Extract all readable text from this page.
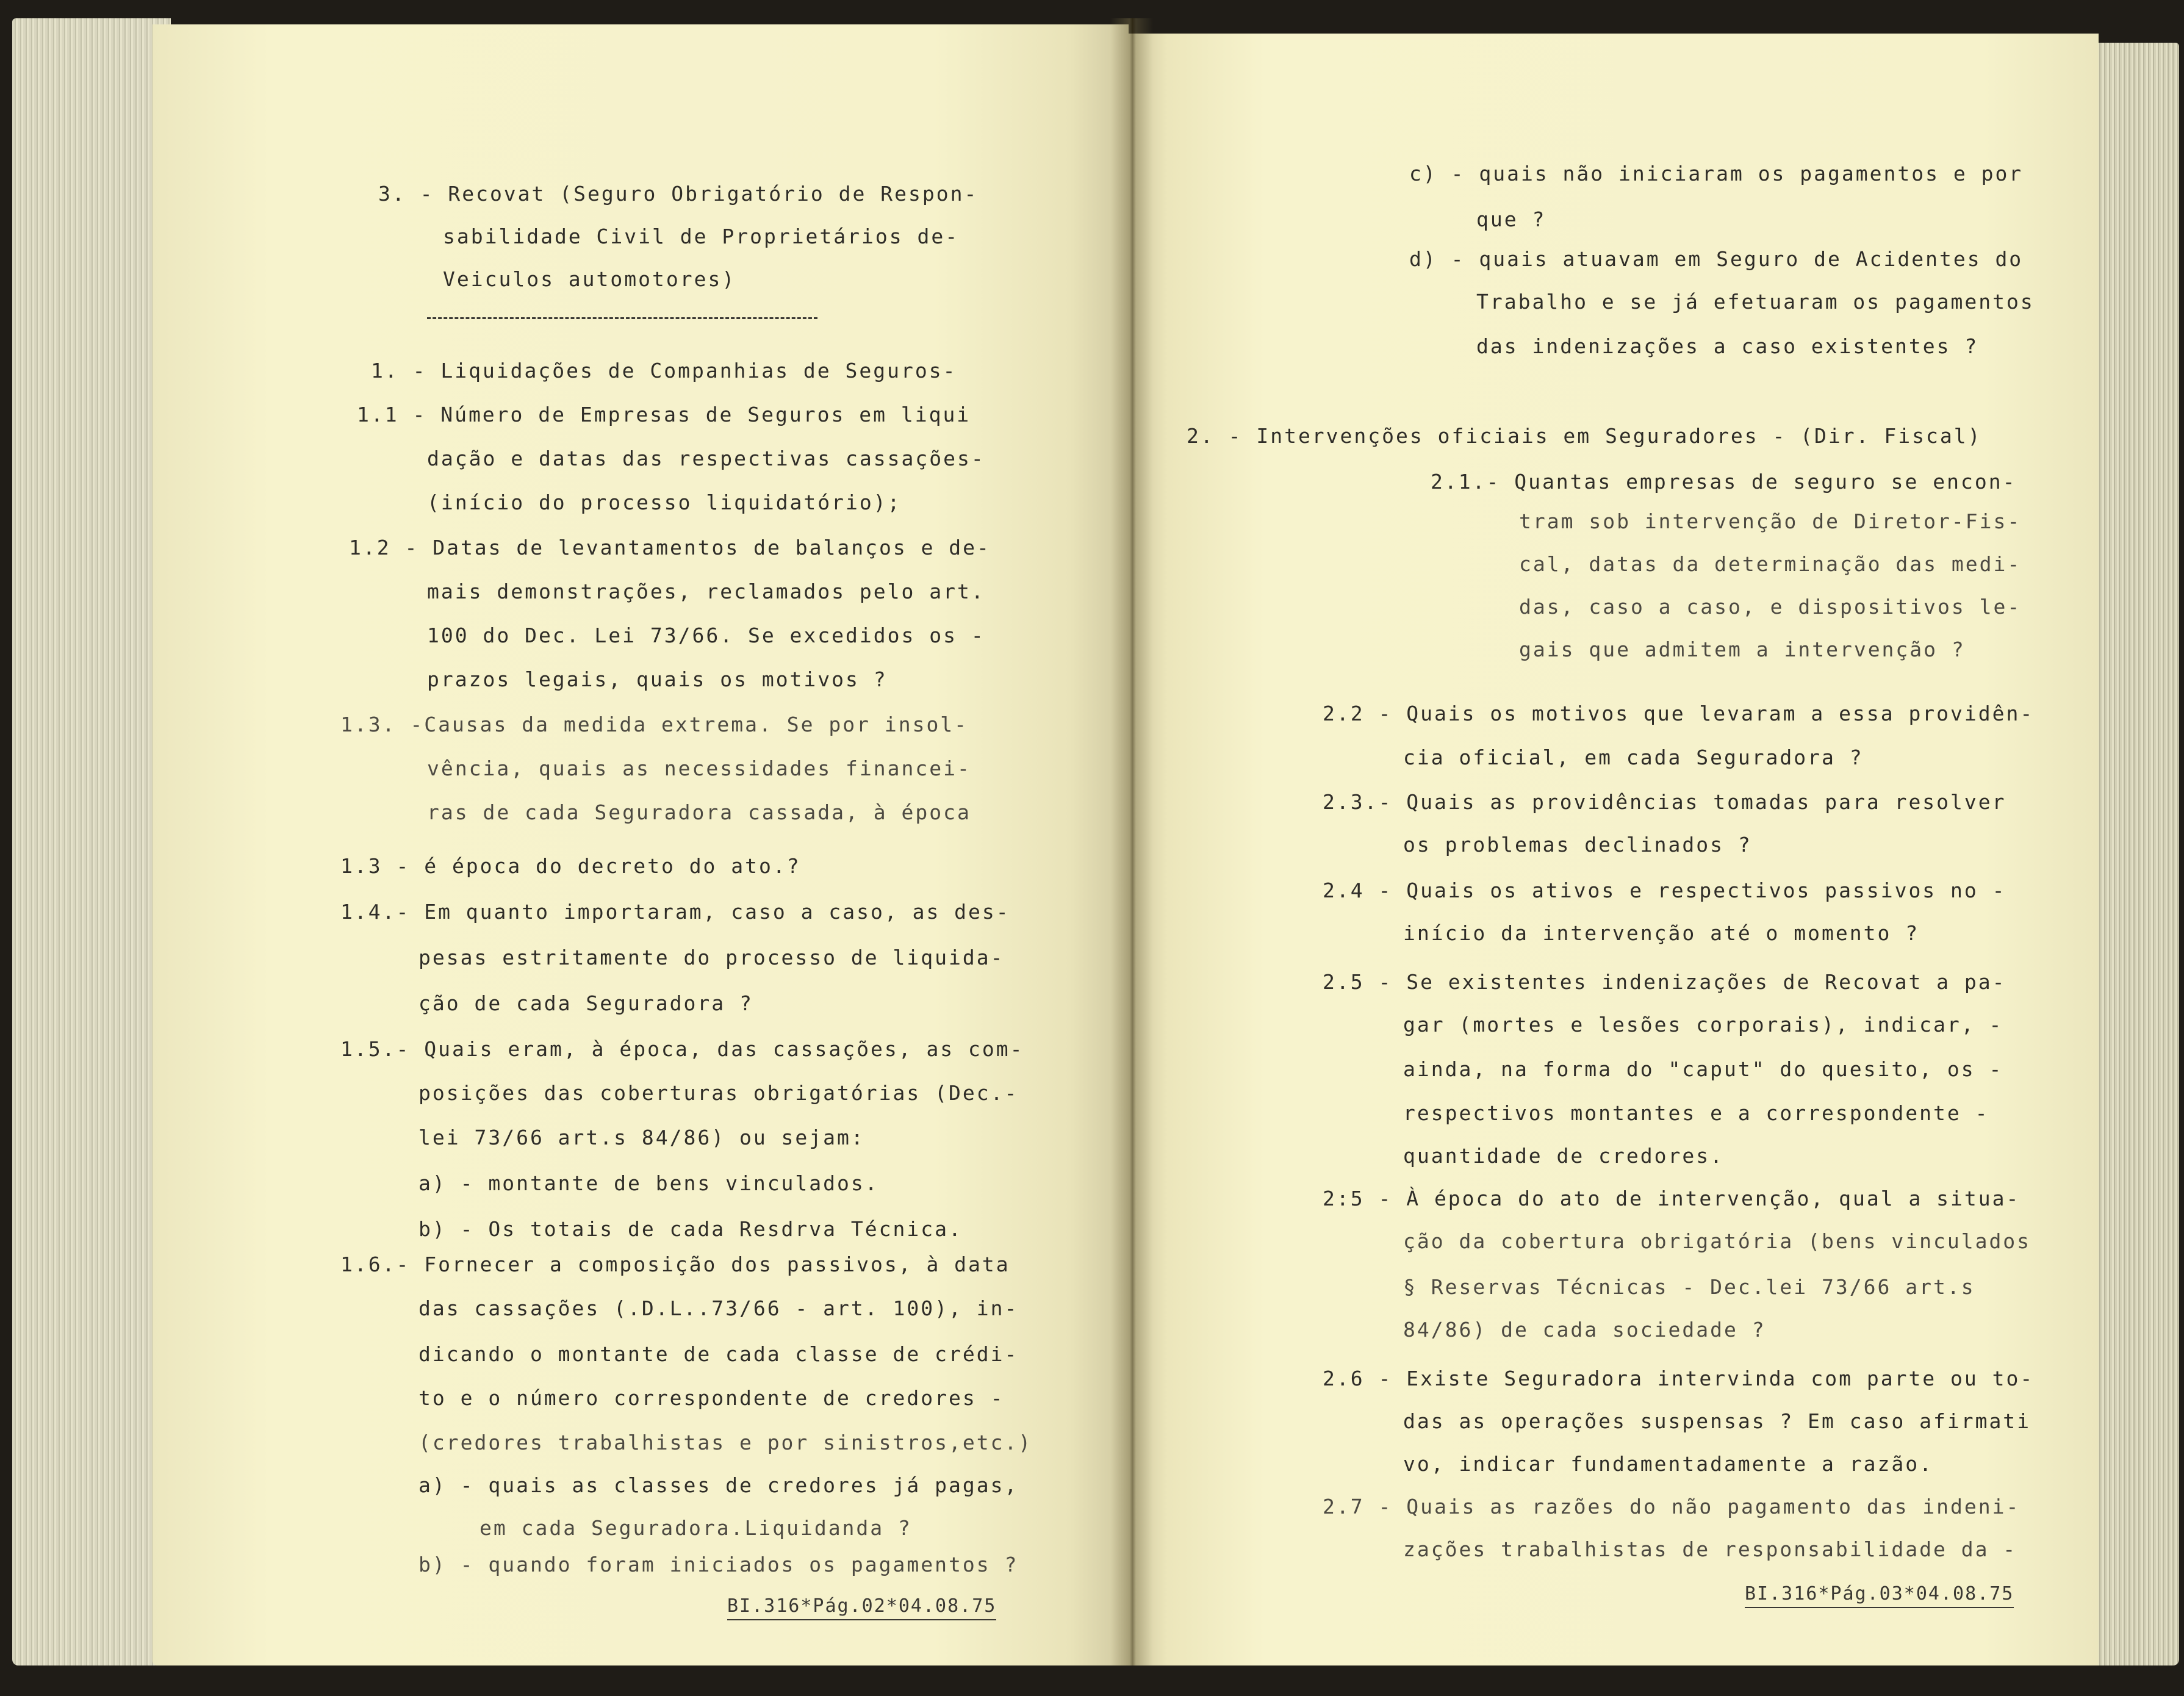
3. - Recovat (Seguro Obrigatório de Respon-
sabilidade Civil de Proprietários de-
Veiculos automotores)
1. - Liquidações de Companhias de Seguros-
1.1 - Número de Empresas de Seguros em liqui
dação e datas das respectivas cassações-
(início do processo liquidatório);
1.2 - Datas de levantamentos de balanços e de-
mais demonstrações, reclamados pelo art.
100 do Dec. Lei 73/66. Se excedidos os -
prazos legais, quais os motivos ?
1.3. -Causas da medida extrema. Se por insol-
vência, quais as necessidades financei-
ras de cada Seguradora cassada, à época
1.3 - é época do decreto do ato.?
1.4.- Em quanto importaram, caso a caso, as des-
pesas estritamente do processo de liquida-
ção de cada Seguradora ?
1.5.- Quais eram, à época, das cassações, as com-
posições das coberturas obrigatórias (Dec.-
lei 73/66 art.s 84/86) ou sejam:
a) - montante de bens vinculados.
b) - Os totais de cada Resdrva Técnica.
1.6.- Fornecer a composição dos passivos, à data
das cassações (.D.L..73/66 - art. 100), in-
dicando o montante de cada classe de crédi-
to e o número correspondente de credores -
(credores trabalhistas e por sinistros,etc.)
a) - quais as classes de credores já pagas,
em cada Seguradora.Liquidanda ?
b) - quando foram iniciados os pagamentos ?
BI.316*Pág.02*04.08.75
c) - quais não iniciaram os pagamentos e por
que ?
d) - quais atuavam em Seguro de Acidentes do
Trabalho e se já efetuaram os pagamentos
das indenizações a caso existentes ?
2. - Intervenções oficiais em Seguradores - (Dir. Fiscal)
2.1.- Quantas empresas de seguro se encon-
tram sob intervenção de Diretor-Fis-
cal, datas da determinação das medi-
das, caso a caso, e dispositivos le-
gais que admitem a intervenção ?
2.2 - Quais os motivos que levaram a essa providên-
cia oficial, em cada Seguradora ?
2.3.- Quais as providências tomadas para resolver
os problemas declinados ?
2.4 - Quais os ativos e respectivos passivos no -
início da intervenção até o momento ?
2.5 - Se existentes indenizações de Recovat a pa-
gar (mortes e lesões corporais), indicar, -
ainda, na forma do "caput" do quesito, os -
respectivos montantes e a correspondente -
quantidade de credores.
2:5 - À época do ato de intervenção, qual a situa-
ção da cobertura obrigatória (bens vinculados
§ Reservas Técnicas - Dec.lei 73/66 art.s
84/86) de cada sociedade ?
2.6 - Existe Seguradora intervinda com parte ou to-
das as operações suspensas ? Em caso afirmati
vo, indicar fundamentadamente a razão.
2.7 - Quais as razões do não pagamento das indeni-
zações trabalhistas de responsabilidade da -
BI.316*Pág.03*04.08.75
